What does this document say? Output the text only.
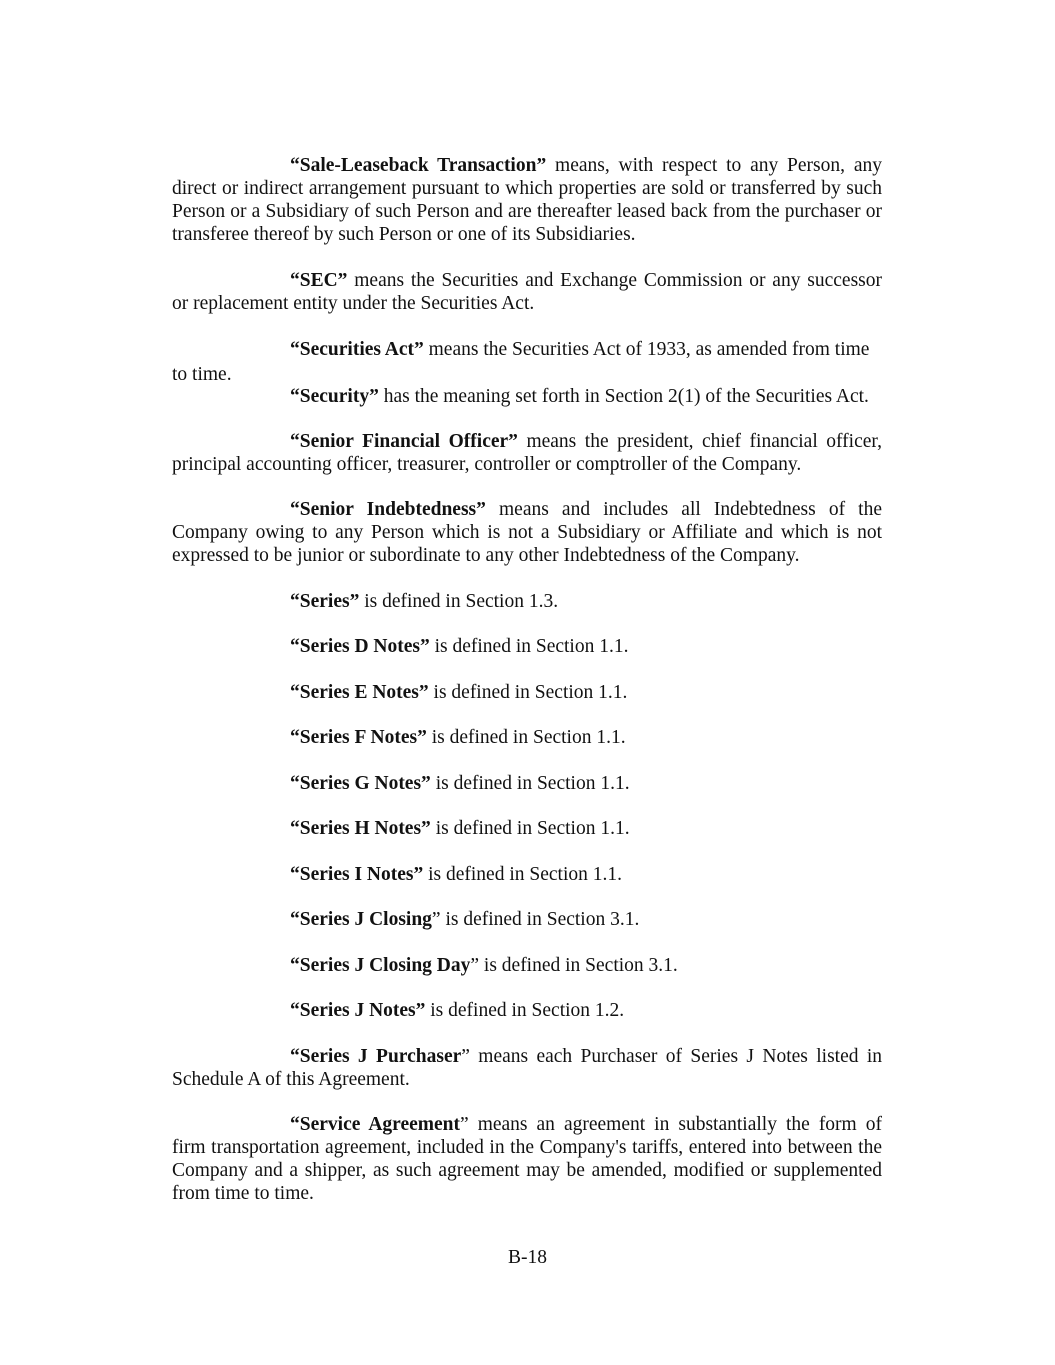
“Sale-Leaseback Transaction” means, with respect to any Person, any direct or indirect arrangement pursuant to which properties are sold or transferred by such Person or a Subsidiary of such Person and are thereafter leased back from the purchaser or transferee thereof by such Person or one of its Subsidiaries.

“SEC” means the Securities and Exchange Commission or any successor or replacement entity under the Securities Act.

“Securities Act” means the Securities Act of 1933, as amended from time

to time.

“Security” has the meaning set forth in Section 2(1) of the Securities Act.

“Senior Financial Officer” means the president, chief financial officer, principal accounting officer, treasurer, controller or comptroller of the Company.

“Senior Indebtedness” means and includes all Indebtedness of the Company owing to any Person which is not a Subsidiary or Affiliate and which is not expressed to be junior or subordinate to any other Indebtedness of the Company.

“Series” is defined in Section 1.3.

“Series D Notes” is defined in Section 1.1.

“Series E Notes” is defined in Section 1.1.

“Series F Notes” is defined in Section 1.1.

“Series G Notes” is defined in Section 1.1.

“Series H Notes” is defined in Section 1.1.

“Series I Notes” is defined in Section 1.1.

“Series J Closing” is defined in Section 3.1.

“Series J Closing Day” is defined in Section 3.1.

“Series J Notes” is defined in Section 1.2.

“Series J Purchaser” means each Purchaser of Series J Notes listed in Schedule A of this Agreement.

“Service Agreement” means an agreement in substantially the form of firm transportation agreement, included in the Company's tariffs, entered into between the Company and a shipper, as such agreement may be amended, modified or supplemented from time to time.

B-18
